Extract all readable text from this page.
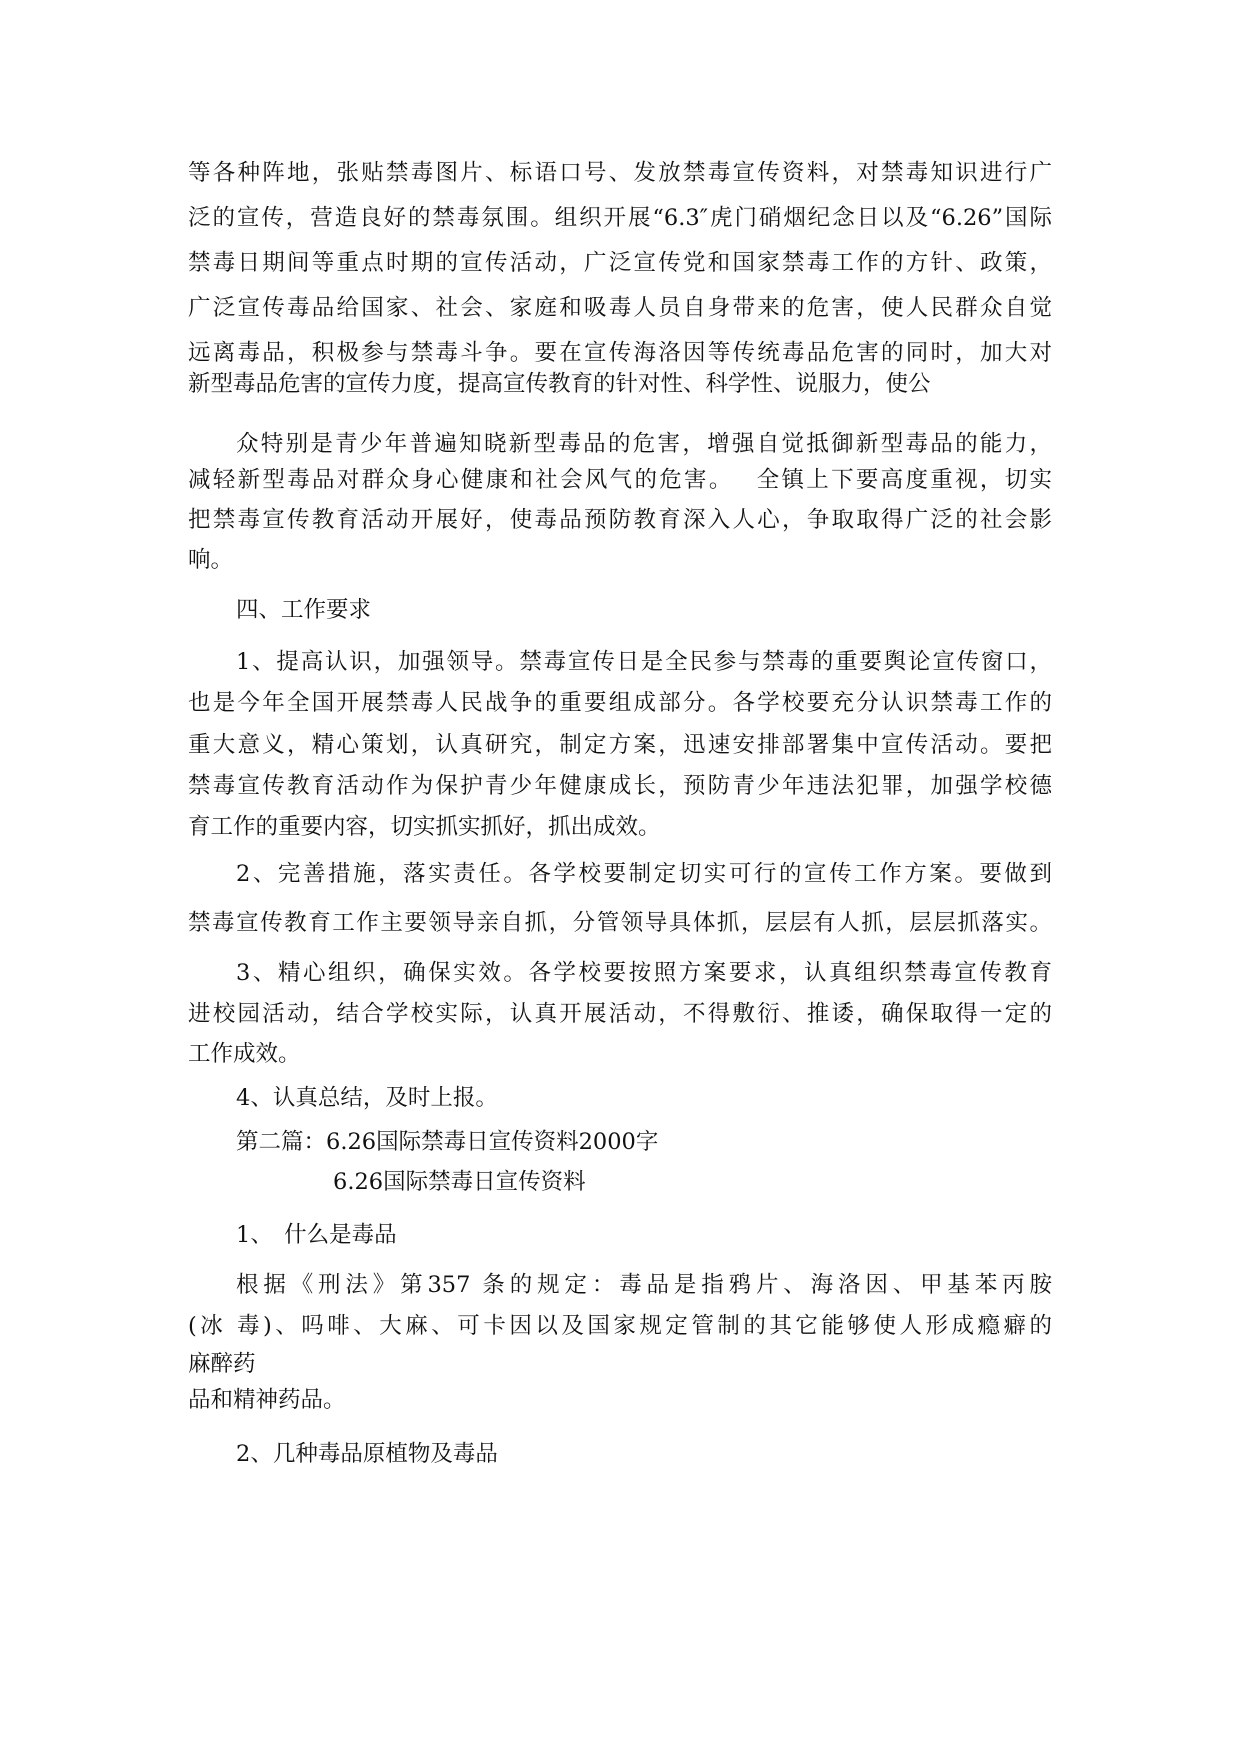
等各种阵地，张贴禁毒图片、标语口号、发放禁毒宣传资料，对禁毒知识进行广

泛的宣传，营造良好的禁毒氛围。组织开展“6.3″虎门硝烟纪念日以及“6.26”国际

禁毒日期间等重点时期的宣传活动，广泛宣传党和国家禁毒工作的方针、政策，

广泛宣传毒品给国家、社会、家庭和吸毒人员自身带来的危害，使人民群众自觉

远离毒品，积极参与禁毒斗争。要在宣传海洛因等传统毒品危害的同时，加大对

新型毒品危害的宣传力度，提高宣传教育的针对性、科学性、说服力，使公

众特别是青少年普遍知晓新型毒品的危害，增强自觉抵御新型毒品的能力，

减轻新型毒品对群众身心健康和社会风气的危害。　 全镇上下要高度重视，切实

把禁毒宣传教育活动开展好，使毒品预防教育深入人心，争取取得广泛的社会影

响。

四、工作要求

1、提高认识，加强领导。禁毒宣传日是全民参与禁毒的重要舆论宣传窗口，

也是今年全国开展禁毒人民战争的重要组成部分。各学校要充分认识禁毒工作的

重大意义，精心策划，认真研究，制定方案，迅速安排部署集中宣传活动。要把

禁毒宣传教育活动作为保护青少年健康成长，预防青少年违法犯罪，加强学校德

育工作的重要内容，切实抓实抓好，抓出成效。

2、完善措施，落实责任。各学校要制定切实可行的宣传工作方案。要做到

禁毒宣传教育工作主要领导亲自抓，分管领导具体抓，层层有人抓，层层抓落实。

3、精心组织，确保实效。各学校要按照方案要求，认真组织禁毒宣传教育

进校园活动，结合学校实际，认真开展活动，不得敷衍、推诿，确保取得一定的

工作成效。

4、认真总结，及时上报。

第二篇：6.26国际禁毒日宣传资料2000字

6.26国际禁毒日宣传资料

1、　什么是毒品

根据《刑法》第357 条的规定：毒品是指鸦片、海洛因、甲基苯丙胺

(冰 毒)、吗啡、大麻、可卡因以及国家规定管制的其它能够使人形成瘾癖的

麻醉药

品和精神药品。

2、几种毒品原植物及毒品
